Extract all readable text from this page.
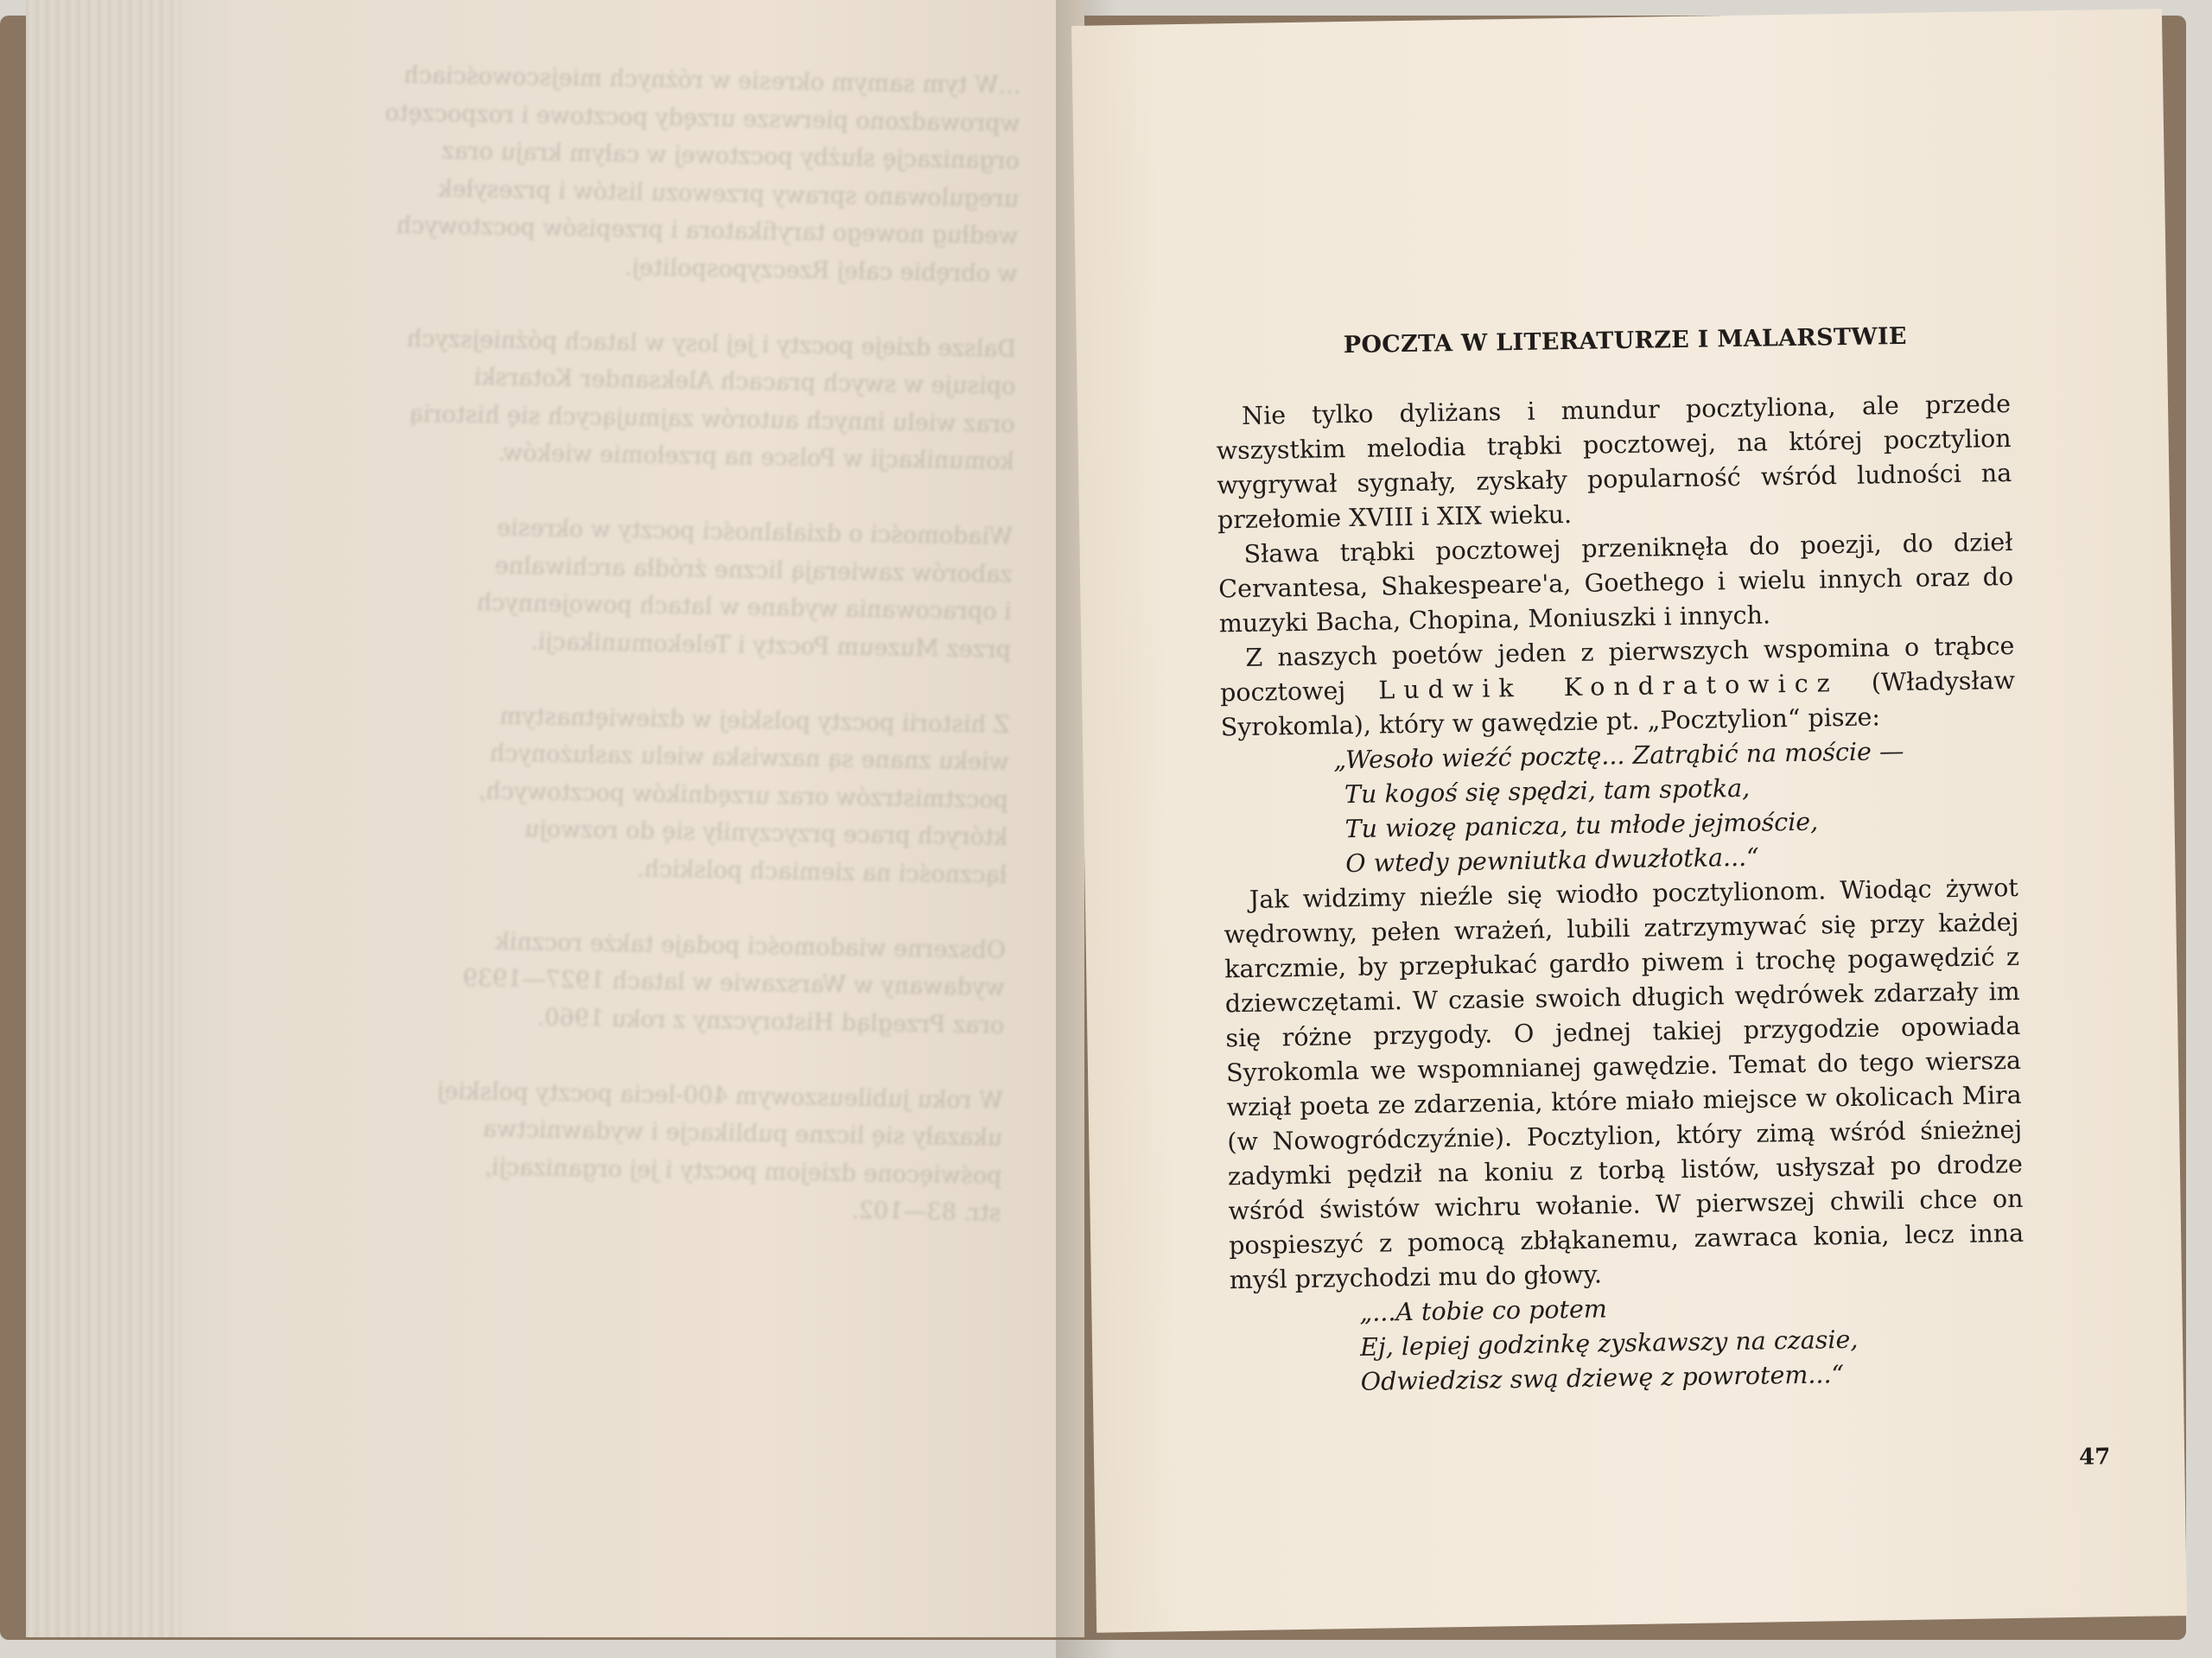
...W tym samym okresie w różnych miejscowościach
wprowadzono pierwsze urzędy pocztowe i rozpoczęto
organizację służby pocztowej w całym kraju oraz
uregulowano sprawy przewozu listów i przesyłek
według nowego taryfikatora i przepisów pocztowych
w obrębie całej Rzeczypospolitej.

Dalsze dzieje poczty i jej losy w latach późniejszych
opisuje w swych pracach Aleksander Kotarski
oraz wielu innych autorów zajmujących się historią
komunikacji w Polsce na przełomie wieków.

Wiadomości o działalności poczty w okresie
zaborów zawierają liczne źródła archiwalne
i opracowania wydane w latach powojennych
przez Muzeum Poczty i Telekomunikacji.

Z historii poczty polskiej w dziewiętnastym
wieku znane są nazwiska wielu zasłużonych
pocztmistrzów oraz urzędników pocztowych,
których prace przyczyniły się do rozwoju
łączności na ziemiach polskich.

Obszerne wiadomości podaje także rocznik
wydawany w Warszawie w latach 1927—1939
oraz Przegląd Historyczny z roku 1960.

W roku jubileuszowym 400-lecia poczty polskiej
ukazały się liczne publikacje i wydawnictwa
poświęcone dziejom poczty i jej organizacji,
str. 83—102.
POCZTA W LITERATURZE I MALARSTWIE

Nie tylko dyliżans i mundur pocztyliona, ale przede wszystkim melodia trąbki pocztowej, na której pocztylion wygrywał sygnały, zyskały popularność wśród ludności na przełomie XVIII i XIX wieku.

Sława trąbki pocztowej przeniknęła do poezji, do dzieł Cervantesa, Shakespeare'a, Goethego i wielu innych oraz do muzyki Bacha, Chopina, Moniuszki i innych.

Z naszych poetów jeden z pierwszych wspomina o trąbce pocztowej Ludwik Kondratowicz (Władysław Syrokomla), który w gawędzie pt. „Pocztylion“ pisze:

„Wesoło wieźć pocztę... Zatrąbić na moście —
Tu kogoś się spędzi, tam spotka,
Tu wiozę panicza, tu młode jejmoście,
O wtedy pewniutka dwuzłotka...“

Jak widzimy nieźle się wiodło pocztylionom. Wiodąc żywot wędrowny, pełen wrażeń, lubili zatrzymywać się przy każdej karczmie, by przepłukać gardło piwem i trochę pogawędzić z dziewczętami. W czasie swoich długich wędrówek zdarzały im się różne przygody. O jednej takiej przygodzie opowiada Syrokomla we wspomnianej gawędzie. Temat do tego wiersza wziął poeta ze zdarzenia, które miało miejsce w okolicach Mira (w Nowogródczyźnie). Pocztylion, który zimą wśród śnieżnej zadymki pędził na koniu z torbą listów, usłyszał po drodze wśród świstów wichru wołanie. W pierwszej chwili chce on pospieszyć z pomocą zbłąkanemu, zawraca konia, lecz inna myśl przychodzi mu do głowy.

„...A tobie co potem
Ej, lepiej godzinkę zyskawszy na czasie,
Odwiedzisz swą dziewę z powrotem...“
47
